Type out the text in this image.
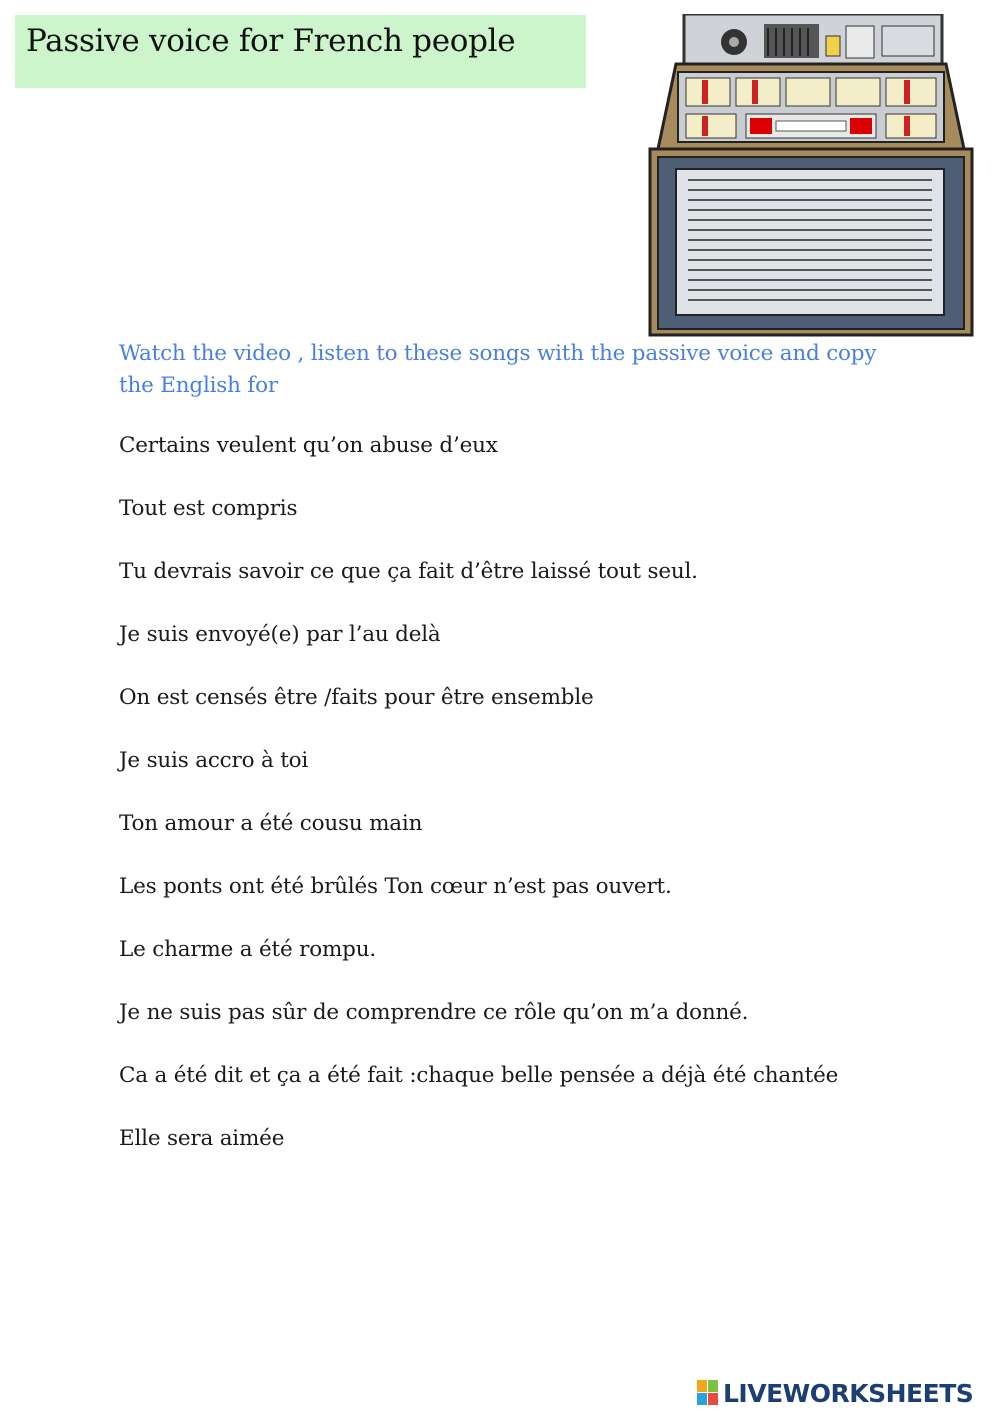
Passive voice for French people
Watch the video , listen to these songs with the passive voice and copy the English for
Certains veulent qu’on abuse d’eux
Tout est compris
Tu devrais savoir ce que ça fait d’être laissé tout seul.
Je suis envoyé(e) par l’au delà
On est censés être /faits pour être ensemble
Je suis accro à toi
Ton amour a été cousu main
Les ponts ont été brûlés Ton cœur n’est pas ouvert.
Le charme a été rompu.
Je ne suis pas sûr de comprendre ce rôle qu’on m’a donné.
Ca a été dit et ça a été fait :chaque belle pensée a déjà été chantée
Elle sera aimée
LIVEWORKSHEETS
